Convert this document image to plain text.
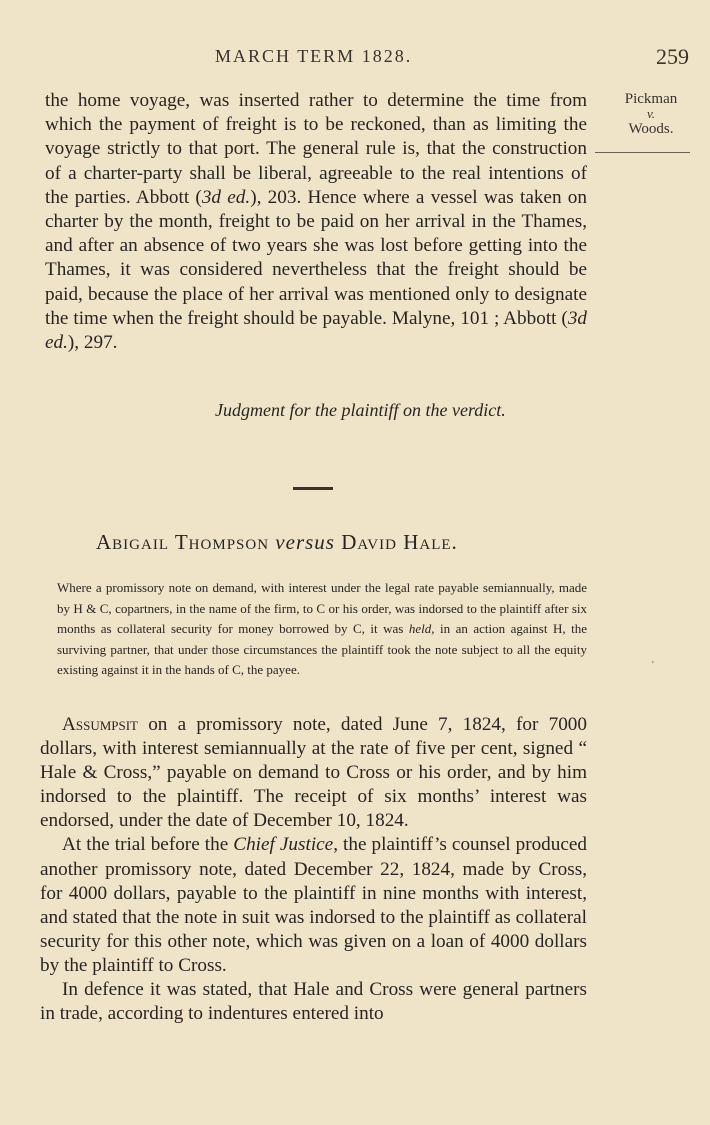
MARCH TERM 1828.	259
Pickman
v.
Woods.

the home voyage, was inserted rather to determine the time from which the payment of freight is to be reckoned, than as limiting the voyage strictly to that port. The general rule is, that the construction of a charter-party shall be liberal, agreeable to the real intentions of the parties. Abbott (3d ed.), 203. Hence where a vessel was taken on charter by the month, freight to be paid on her arrival in the Thames, and after an absence of two years she was lost before getting into the Thames, it was considered nevertheless that the freight should be paid, because the place of her arrival was mentioned only to designate the time when the freight should be payable. Malyne, 101 ; Abbott (3d ed.), 297.

Judgment for the plaintiff on the verdict.
Abigail Thompson versus David Hale.
Where a promissory note on demand, with interest under the legal rate payable semiannually, made by H & C, copartners, in the name of the firm, to C or his order, was indorsed to the plaintiff after six months as collateral security for money borrowed by C, it was held, in an action against H, the surviving partner, that under those circumstances the plaintiff took the note subject to all the equity existing against it in the hands of C, the payee.	'

Assumpsit on a promissory note, dated June 7, 1824, for 7000 dollars, with interest semiannually at the rate of five per cent, signed “ Hale & Cross,” payable on demand to Cross or his order, and by him indorsed to the plaintiff. The receipt of six months’ interest was endorsed, under the date of December 10, 1824.

At the trial before the Chief Justice, the plaintiff’s counsel produced another promissory note, dated December 22, 1824, made by Cross, for 4000 dollars, payable to the plaintiff in nine months with interest, and stated that the note in suit was indorsed to the plaintiff as collateral security for this other note, which was given on a loan of 4000 dollars by the plaintiff to Cross.

In defence it was stated, that Hale and Cross were general partners in trade, according to indentures entered into
